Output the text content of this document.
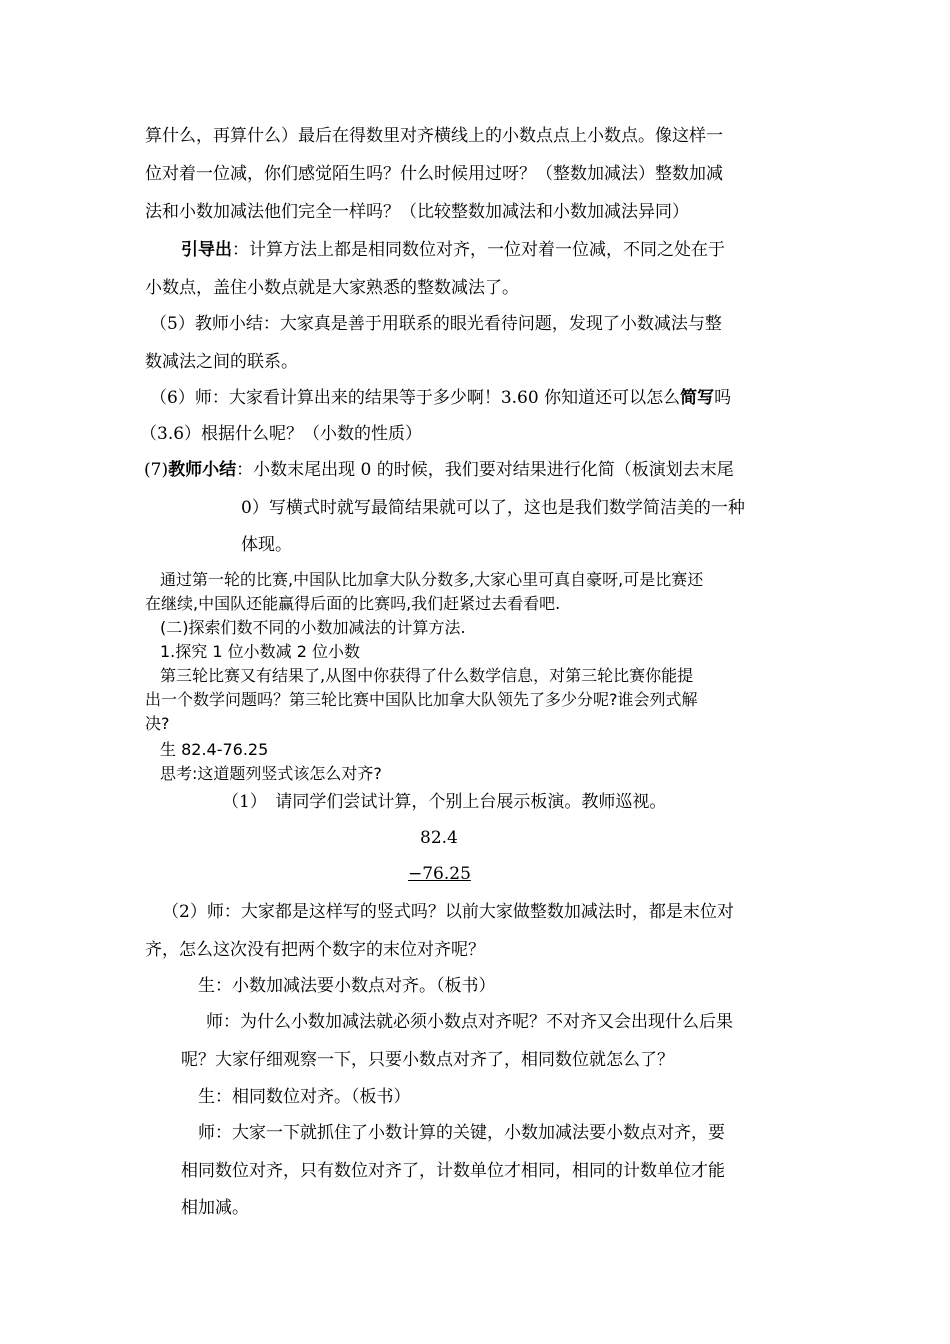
算什么，再算什么）最后在得数里对齐横线上的小数点点上小数点。像这样一
位对着一位减，你们感觉陌生吗？什么时候用过呀？（整数加减法）整数加减
法和小数加减法他们完全一样吗？（比较整数加减法和小数加减法异同）
引导出：计算方法上都是相同数位对齐，一位对着一位减，不同之处在于
小数点，盖住小数点就是大家熟悉的整数减法了。
（5）教师小结：大家真是善于用联系的眼光看待问题，发现了小数减法与整
数减法之间的联系。
（6）师：大家看计算出来的结果等于多少啊！3.60 你知道还可以怎么简写吗
（3.6）根据什么呢？（小数的性质）
(7)教师小结：小数末尾出现 0 的时候，我们要对结果进行化简（板演划去末尾
0）写横式时就写最简结果就可以了，这也是我们数学简洁美的一种
体现。
通过第一轮的比赛,中国队比加拿大队分数多,大家心里可真自豪呀,可是比赛还
在继续,中国队还能赢得后面的比赛吗,我们赶紧过去看看吧.
(二)探索们数不同的小数加减法的计算方法.
1.探究 1 位小数减 2 位小数
第三轮比赛又有结果了,从图中你获得了什么数学信息，对第三轮比赛你能提
出一个数学问题吗？第三轮比赛中国队比加拿大队领先了多少分呢?谁会列式解
决?
生 82.4-76.25
思考:这道题列竖式该怎么对齐?
（1）　请同学们尝试计算，个别上台展示板演。教师巡视。
82.4
−76.25
（2）师：大家都是这样写的竖式吗？以前大家做整数加减法时，都是末位对
齐，怎么这次没有把两个数字的末位对齐呢？
生：小数加减法要小数点对齐。（板书）
师：为什么小数加减法就必须小数点对齐呢？不对齐又会出现什么后果
呢？大家仔细观察一下，只要小数点对齐了，相同数位就怎么了？
生：相同数位对齐。（板书）
师：大家一下就抓住了小数计算的关键，小数加减法要小数点对齐，要
相同数位对齐，只有数位对齐了，计数单位才相同，相同的计数单位才能
相加减。
